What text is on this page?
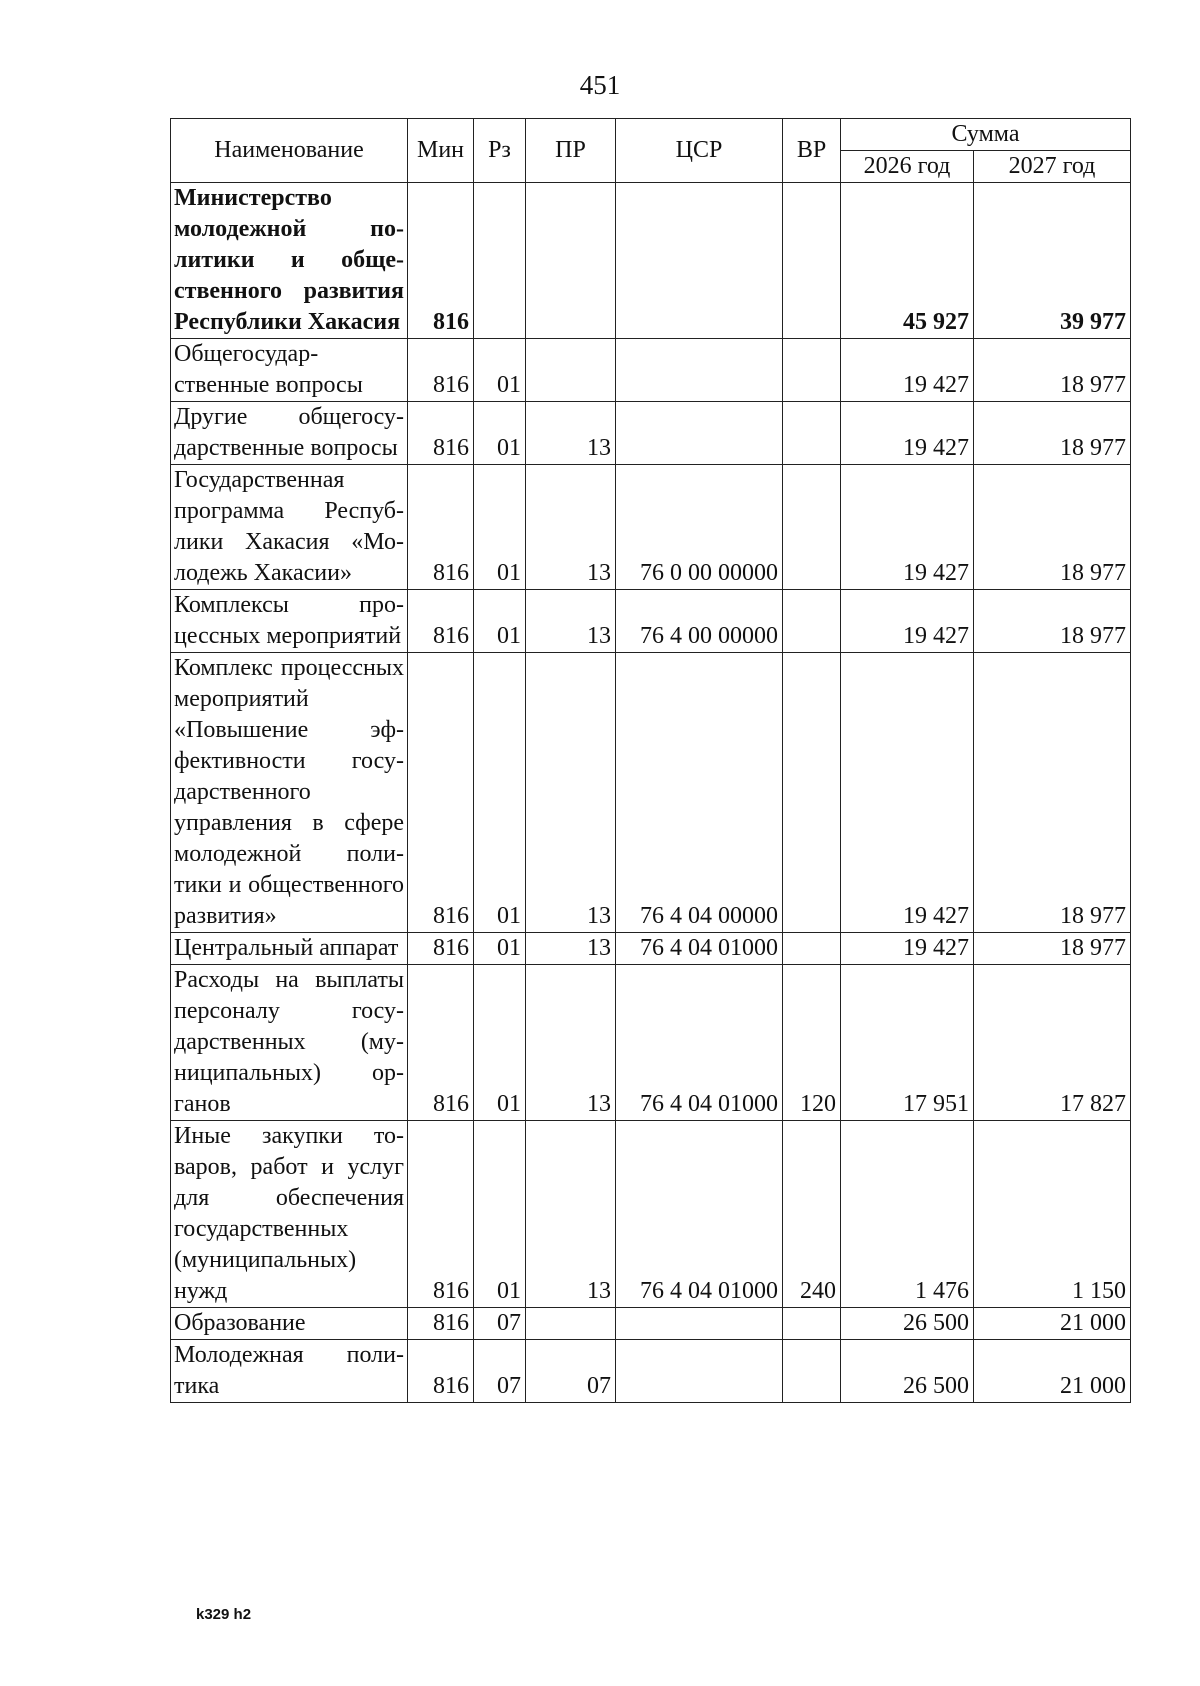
451
Наименование	Мин	Рз	ПР	ЦСР	ВР	Сумма	
						2026 год	2027 год
Министерство молодежной политики и общественного развития Республики Хакасия	816					45 927	39 977
Общегосударственные вопросы	816	01				19 427	18 977
Другие общегосударственные вопросы	816	01	13			19 427	18 977
Государственная программа Республики Хакасия «Молодежь Хакасии»	816	01	13	76 0 00 00000		19 427	18 977
Комплексы процессных мероприятий	816	01	13	76 4 00 00000		19 427	18 977
Комплекс процессных мероприятий «Повышение эффективности государственного управления в сфере молодежной политики и общественного развития»	816	01	13	76 4 04 00000		19 427	18 977
Центральный аппарат	816	01	13	76 4 04 01000		19 427	18 977
Расходы на выплаты персоналу государственных (муниципальных) органов	816	01	13	76 4 04 01000	120	17 951	17 827
Иные закупки товаров, работ и услуг для обеспечения государственных (муниципальных) нужд	816	01	13	76 4 04 01000	240	1 476	1 150
Образование	816	07				26 500	21 000
Молодежная политика	816	07	07			26 500	21 000
k329 h2
